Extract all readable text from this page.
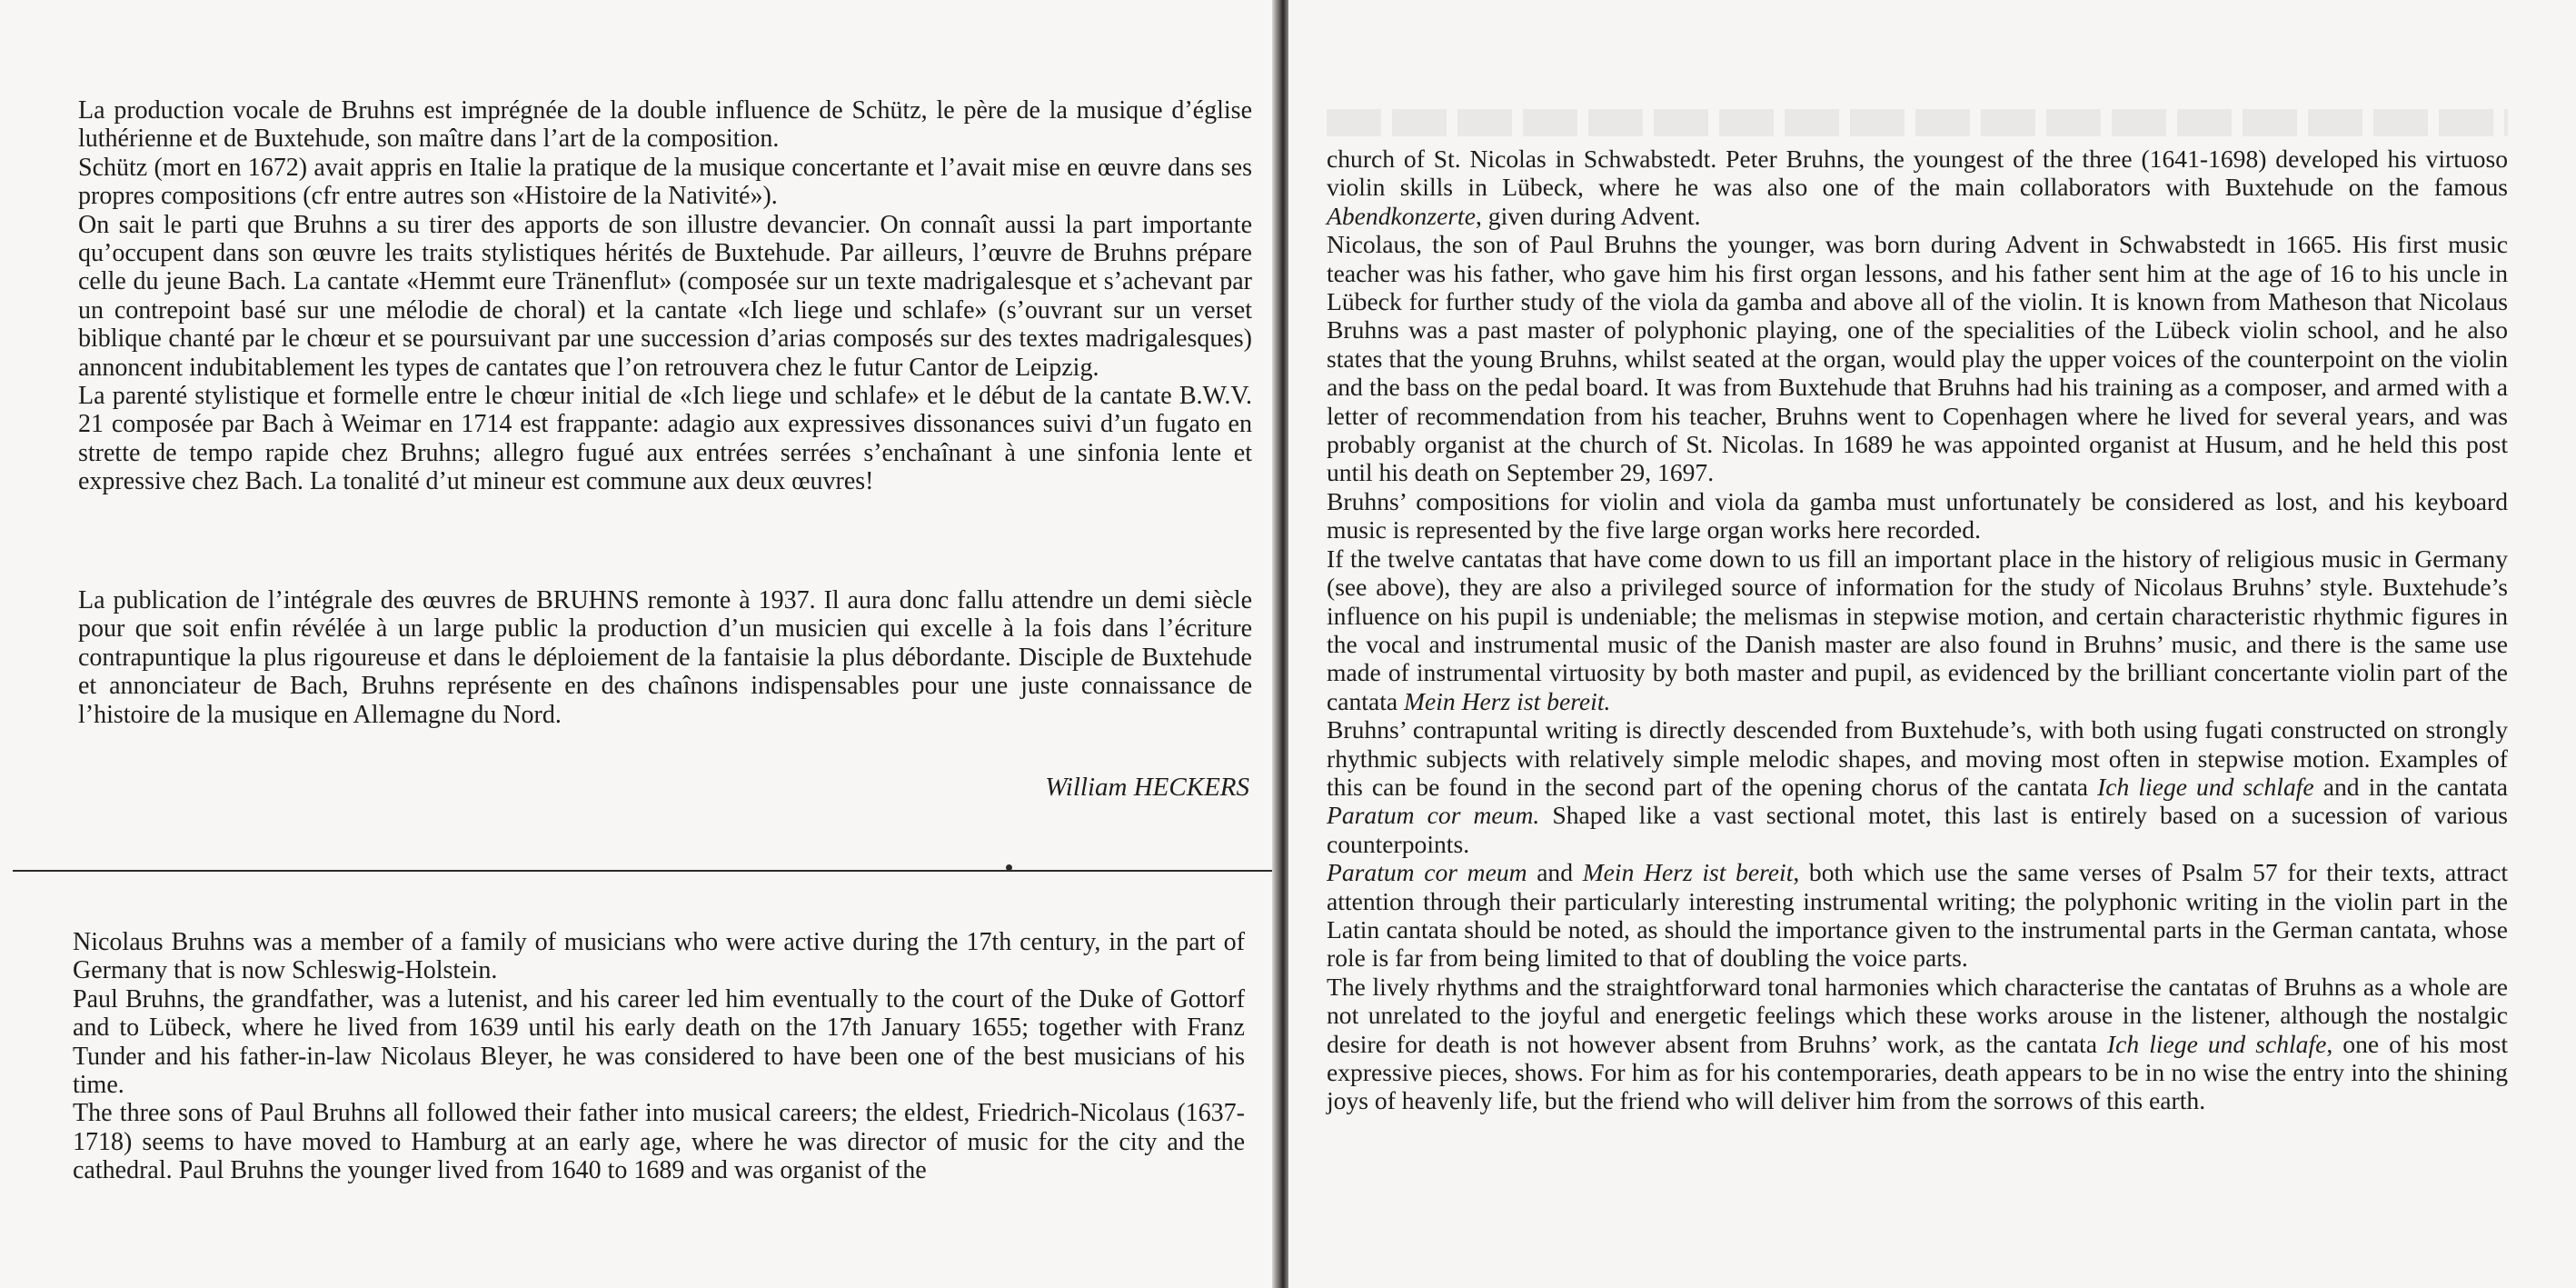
La production vocale de Bruhns est imprégnée de la double influence de Schütz, le père de la musique d’église luthérienne et de Buxtehude, son maître dans l’art de la composition.

Schütz (mort en 1672) avait appris en Italie la pratique de la musique concertante et l’avait mise en œuvre dans ses propres compositions (cfr entre autres son «Histoire de la Nativité»).

On sait le parti que Bruhns a su tirer des apports de son illustre devancier. On connaît aussi la part importante qu’occupent dans son œuvre les traits stylistiques hérités de Buxtehude. Par ailleurs, l’œuvre de Bruhns prépare celle du jeune Bach. La cantate «Hemmt eure Tränenflut» (composée sur un texte madrigalesque et s’achevant par un contrepoint basé sur une mélodie de choral) et la cantate «Ich liege und schlafe» (s’ouvrant sur un verset biblique chanté par le chœur et se poursuivant par une succession d’arias composés sur des textes madrigalesques) annoncent indubitablement les types de cantates que l’on retrouvera chez le futur Cantor de Leipzig.

La parenté stylistique et formelle entre le chœur initial de «Ich liege und schlafe» et le début de la cantate B.W.V. 21 composée par Bach à Weimar en 1714 est frappante: adagio aux expressives dissonances suivi d’un fugato en strette de tempo rapide chez Bruhns; allegro fugué aux entrées serrées s’enchaînant à une sinfonia lente et expressive chez Bach. La tonalité d’ut mineur est commune aux deux œuvres!

La publication de l’intégrale des œuvres de BRUHNS remonte à 1937. Il aura donc fallu attendre un demi siècle pour que soit enfin révélée à un large public la production d’un musicien qui excelle à la fois dans l’écriture contrapuntique la plus rigoureuse et dans le déploiement de la fantaisie la plus débordante. Disciple de Buxtehude et annonciateur de Bach, Bruhns représente en des chaînons indispensables pour une juste connaissance de l’histoire de la musique en Allemagne du Nord.

William HECKERS

Nicolaus Bruhns was a member of a family of musicians who were active during the 17th century, in the part of Germany that is now Schleswig-Holstein.

Paul Bruhns, the grandfather, was a lutenist, and his career led him eventually to the court of the Duke of Gottorf and to Lübeck, where he lived from 1639 until his early death on the 17th January 1655; together with Franz Tunder and his father-in-law Nicolaus Bleyer, he was considered to have been one of the best musicians of his time.

The three sons of Paul Bruhns all followed their father into musical careers; the eldest, Friedrich-Nicolaus (1637-1718) seems to have moved to Hamburg at an early age, where he was director of music for the city and the cathedral. Paul Bruhns the younger lived from 1640 to 1689 and was organist of the

church of St. Nicolas in Schwabstedt. Peter Bruhns, the youngest of the three (1641-1698) developed his virtuoso violin skills in Lübeck, where he was also one of the main collaborators with Buxtehude on the famous Abendkonzerte, given during Advent.

Nicolaus, the son of Paul Bruhns the younger, was born during Advent in Schwabstedt in 1665. His first music teacher was his father, who gave him his first organ lessons, and his father sent him at the age of 16 to his uncle in Lübeck for further study of the viola da gamba and above all of the violin. It is known from Matheson that Nicolaus Bruhns was a past master of polyphonic playing, one of the specialities of the Lübeck violin school, and he also states that the young Bruhns, whilst seated at the organ, would play the upper voices of the counterpoint on the violin and the bass on the pedal board. It was from Buxtehude that Bruhns had his training as a composer, and armed with a letter of recommendation from his teacher, Bruhns went to Copenhagen where he lived for several years, and was probably organist at the church of St. Nicolas. In 1689 he was appointed organist at Husum, and he held this post until his death on September 29, 1697.

Bruhns’ compositions for violin and viola da gamba must unfortunately be considered as lost, and his keyboard music is represented by the five large organ works here recorded.

If the twelve cantatas that have come down to us fill an important place in the history of religious music in Germany (see above), they are also a privileged source of information for the study of Nicolaus Bruhns’ style. Buxtehude’s influence on his pupil is undeniable; the melismas in stepwise motion, and certain characteristic rhythmic figures in the vocal and instrumental music of the Danish master are also found in Bruhns’ music, and there is the same use made of instrumental virtuosity by both master and pupil, as evidenced by the brilliant concertante violin part of the cantata Mein Herz ist bereit.

Bruhns’ contrapuntal writing is directly descended from Buxtehude’s, with both using fugati constructed on strongly rhythmic subjects with relatively simple melodic shapes, and moving most often in stepwise motion. Examples of this can be found in the second part of the opening chorus of the cantata Ich liege und schlafe and in the cantata Paratum cor meum. Shaped like a vast sectional motet, this last is entirely based on a sucession of various counterpoints.

Paratum cor meum and Mein Herz ist bereit, both which use the same verses of Psalm 57 for their texts, attract attention through their particularly interesting instrumental writing; the polyphonic writing in the violin part in the Latin cantata should be noted, as should the importance given to the instrumental parts in the German cantata, whose role is far from being limited to that of doubling the voice parts.

The lively rhythms and the straightforward tonal harmonies which characterise the cantatas of Bruhns as a whole are not unrelated to the joyful and energetic feelings which these works arouse in the listener, although the nostalgic desire for death is not however absent from Bruhns’ work, as the cantata Ich liege und schlafe, one of his most expressive pieces, shows. For him as for his contemporaries, death appears to be in no wise the entry into the shining joys of heavenly life, but the friend who will deliver him from the sorrows of this earth.
